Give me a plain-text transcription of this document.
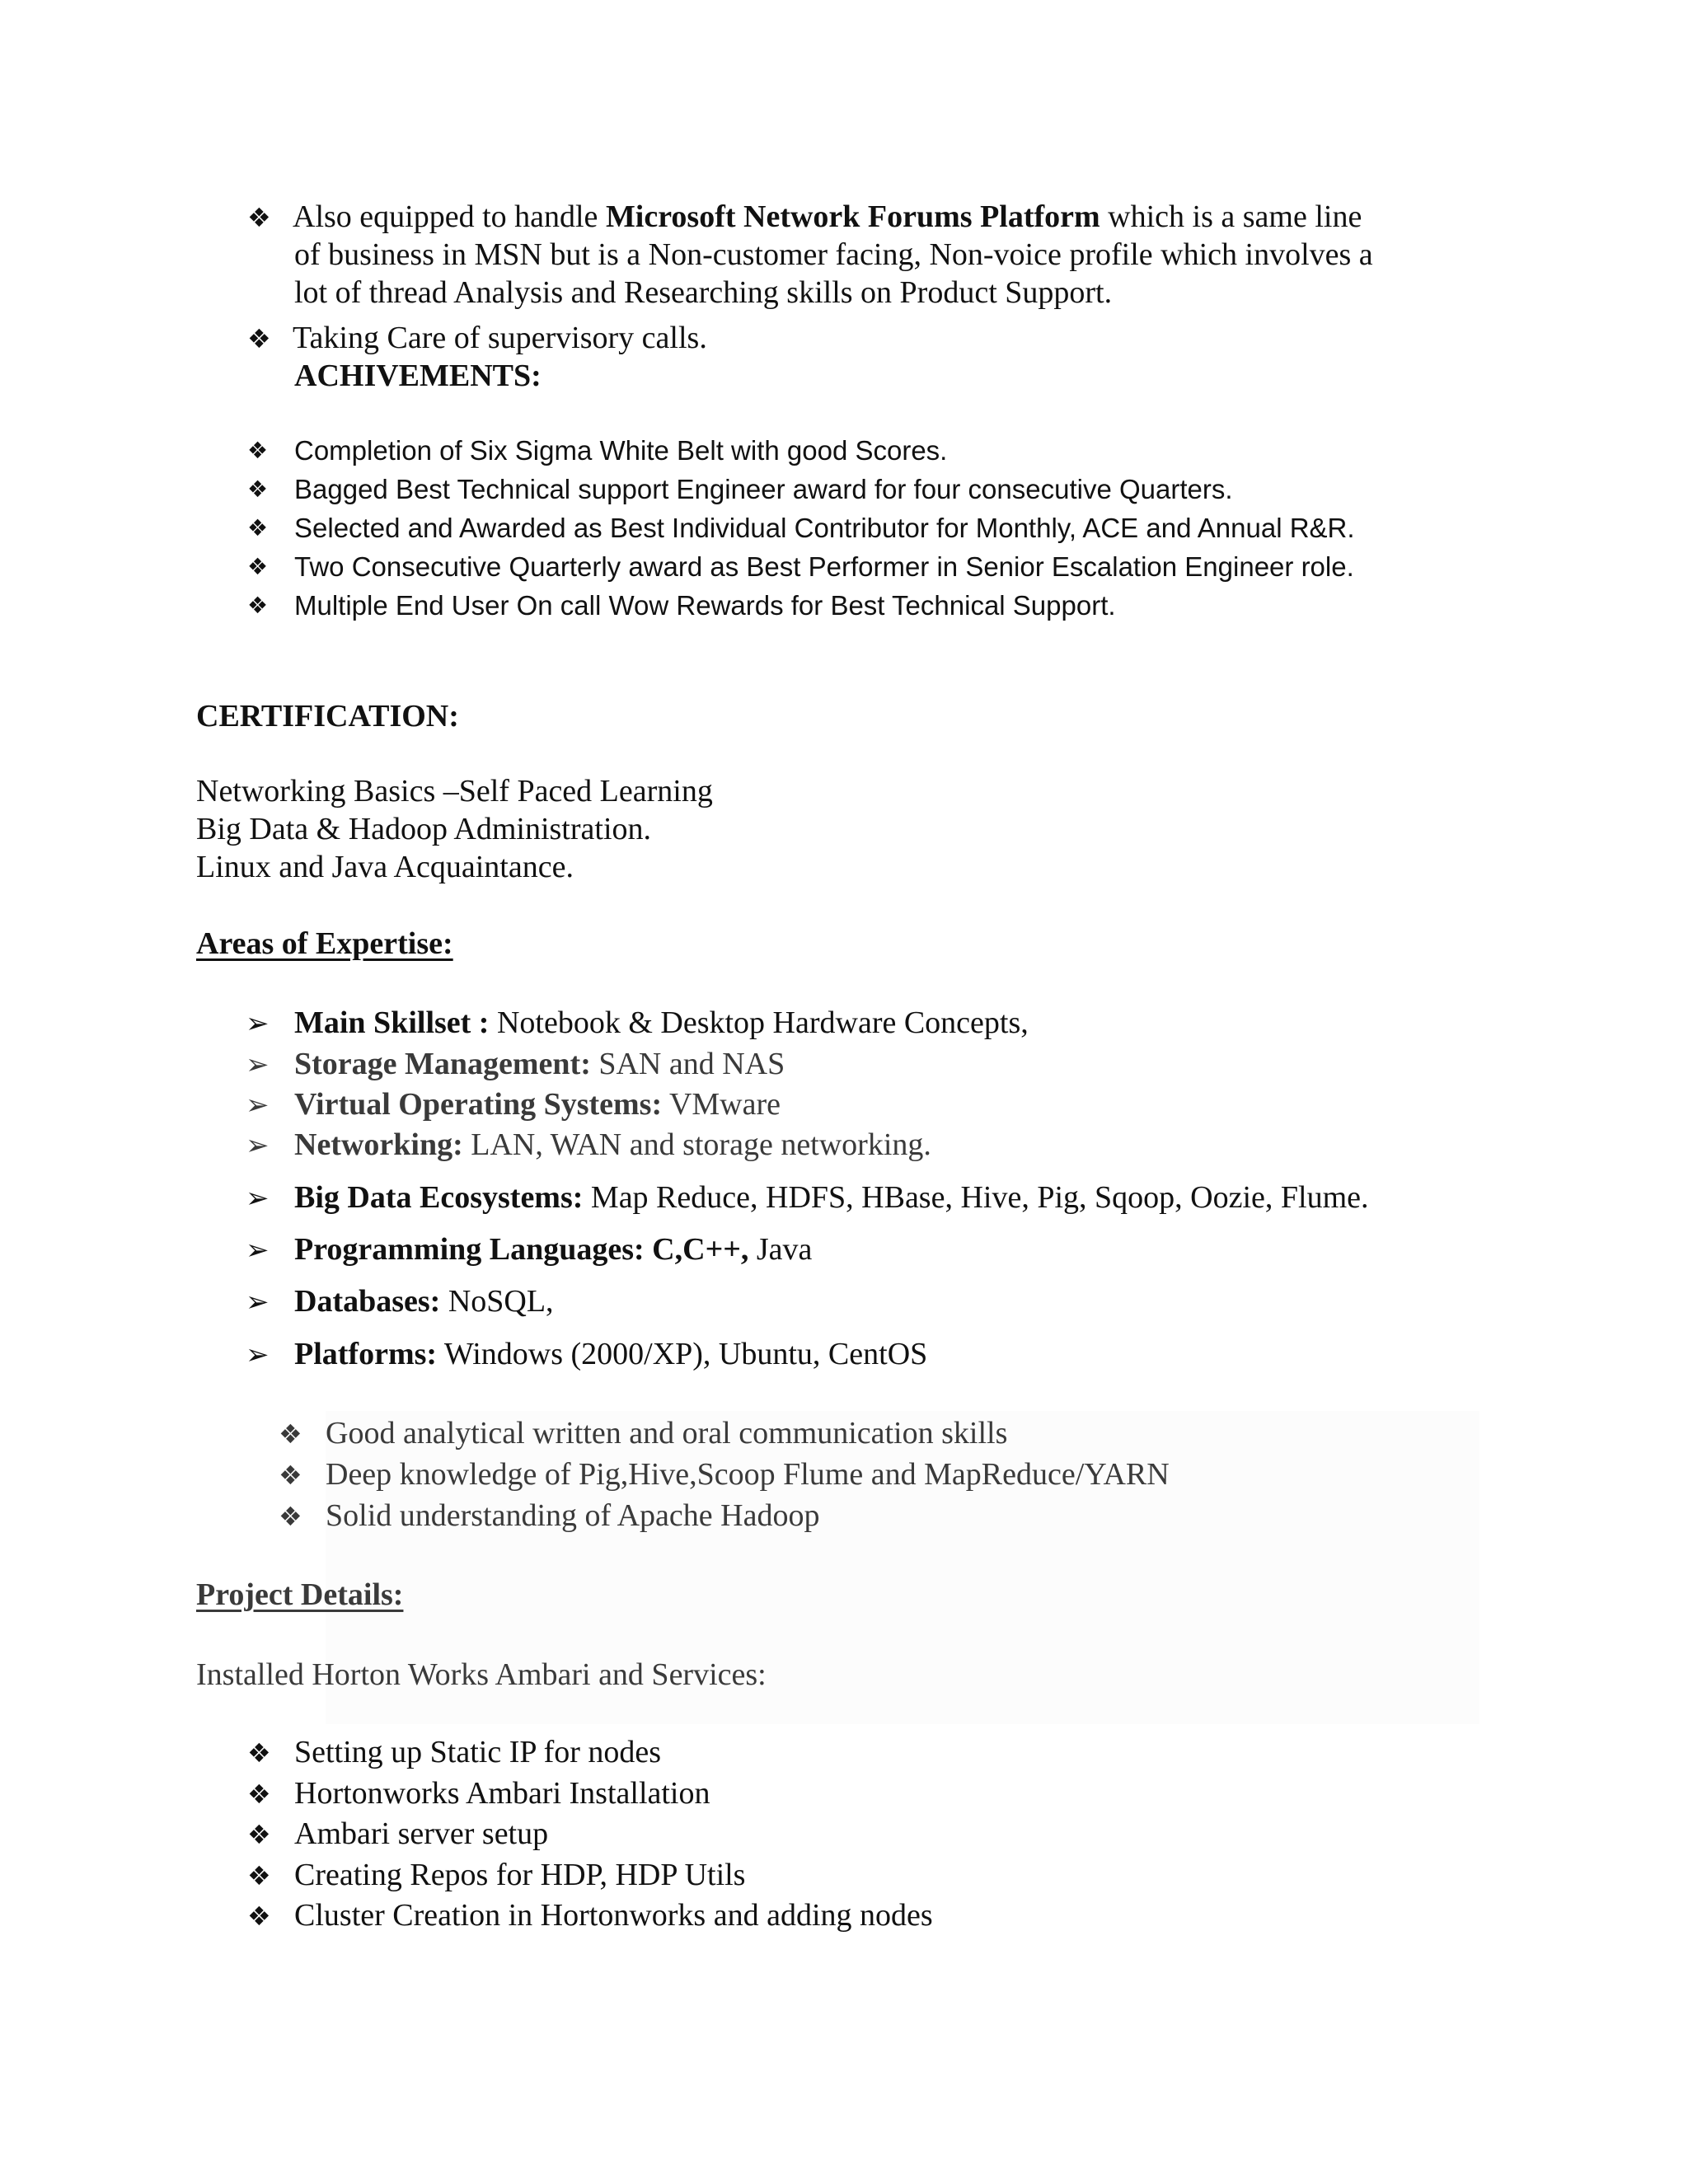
❖ Also equipped to handle Microsoft Network Forums Platform which is a same line
of business in MSN but is a Non-customer facing, Non-voice profile which involves a
lot of thread Analysis and Researching skills on Product Support.
❖ Taking Care of supervisory calls.
ACHIVEMENTS:
❖ Completion of Six Sigma White Belt with good Scores.
❖ Bagged Best Technical support Engineer award for four consecutive Quarters.
❖ Selected and Awarded as Best Individual Contributor for Monthly, ACE and Annual R&R.
❖ Two Consecutive Quarterly award as Best Performer in Senior Escalation Engineer role.
❖ Multiple End User On call Wow Rewards for Best Technical Support.
CERTIFICATION:
Networking Basics –Self Paced Learning
Big Data & Hadoop Administration.
Linux and Java Acquaintance.
Areas of Expertise:
➢ Main Skillset : Notebook & Desktop Hardware Concepts,
➢ Storage Management: SAN and NAS
➢ Virtual Operating Systems: VMware
➢ Networking: LAN, WAN and storage networking.
➢ Big Data Ecosystems: Map Reduce, HDFS, HBase, Hive, Pig, Sqoop, Oozie, Flume.
➢ Programming Languages: C,C++, Java
➢ Databases: NoSQL,
➢ Platforms: Windows (2000/XP), Ubuntu, CentOS
❖ Good analytical written and oral communication skills
❖ Deep knowledge of Pig,Hive,Scoop Flume and MapReduce/YARN
❖ Solid understanding of Apache Hadoop
Project Details:
Installed Horton Works Ambari and Services:
❖ Setting up Static IP for nodes
❖ Hortonworks Ambari Installation
❖ Ambari server setup
❖ Creating Repos for HDP, HDP Utils
❖ Cluster Creation in Hortonworks and adding nodes
